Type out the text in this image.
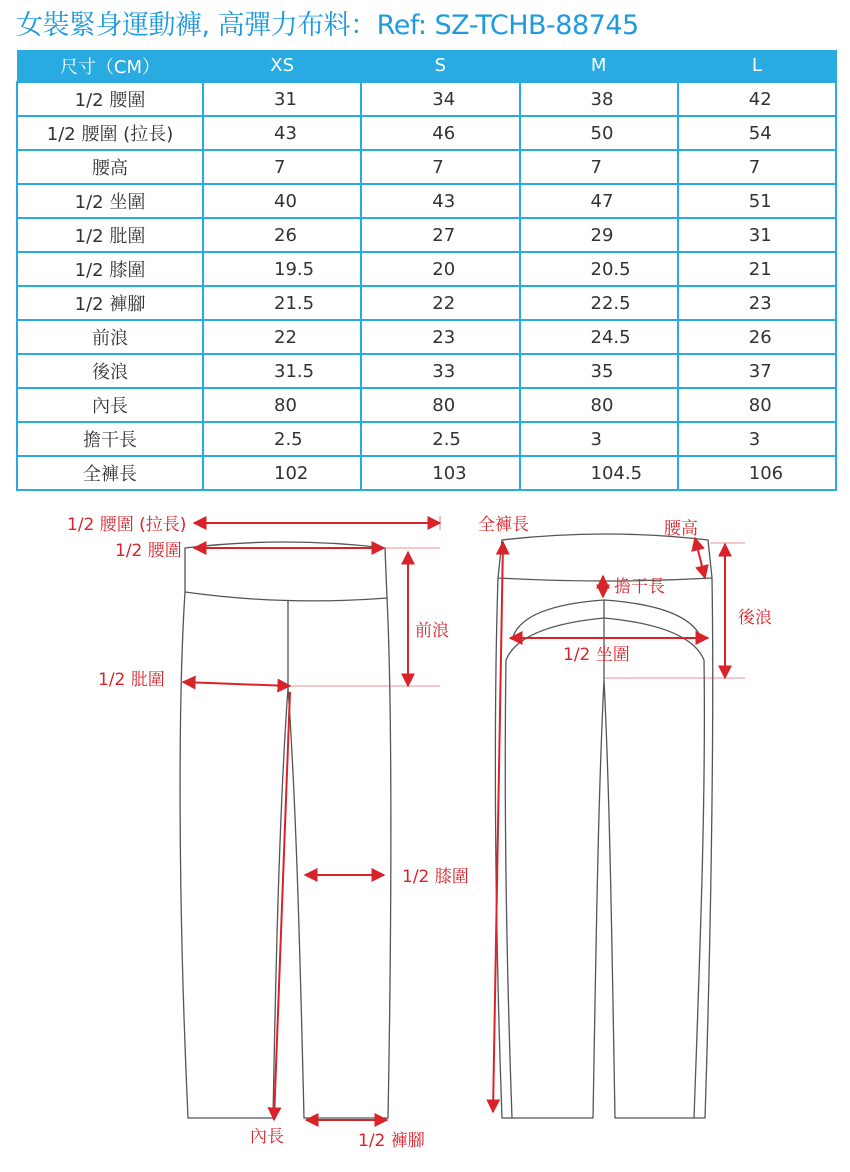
女裝緊身運動褲, 高彈力布料：Ref: SZ-TCHB-88745
尺寸（CM）	XS	S	M	L
1/2 腰圍	31	34	38	42
1/2 腰圍 (拉長)	43	46	50	54
腰高	7	7	7	7
1/2 坐圍	40	43	47	51
1/2 肶圍	26	27	29	31
1/2 膝圍	19.5	20	20.5	21
1/2 褲腳	21.5	22	22.5	23
前浪	22	23	24.5	26
後浪	31.5	33	35	37
內長	80	80	80	80
擔干長	2.5	2.5	3	3
全褲長	102	103	104.5	106
1/2 腰圍 (拉長)
1/2 腰圍
前浪
1/2 肶圍
1/2 膝圍
內長	1/2 褲腳
全褲長	腰高
擔干長
後浪
1/2 坐圍
